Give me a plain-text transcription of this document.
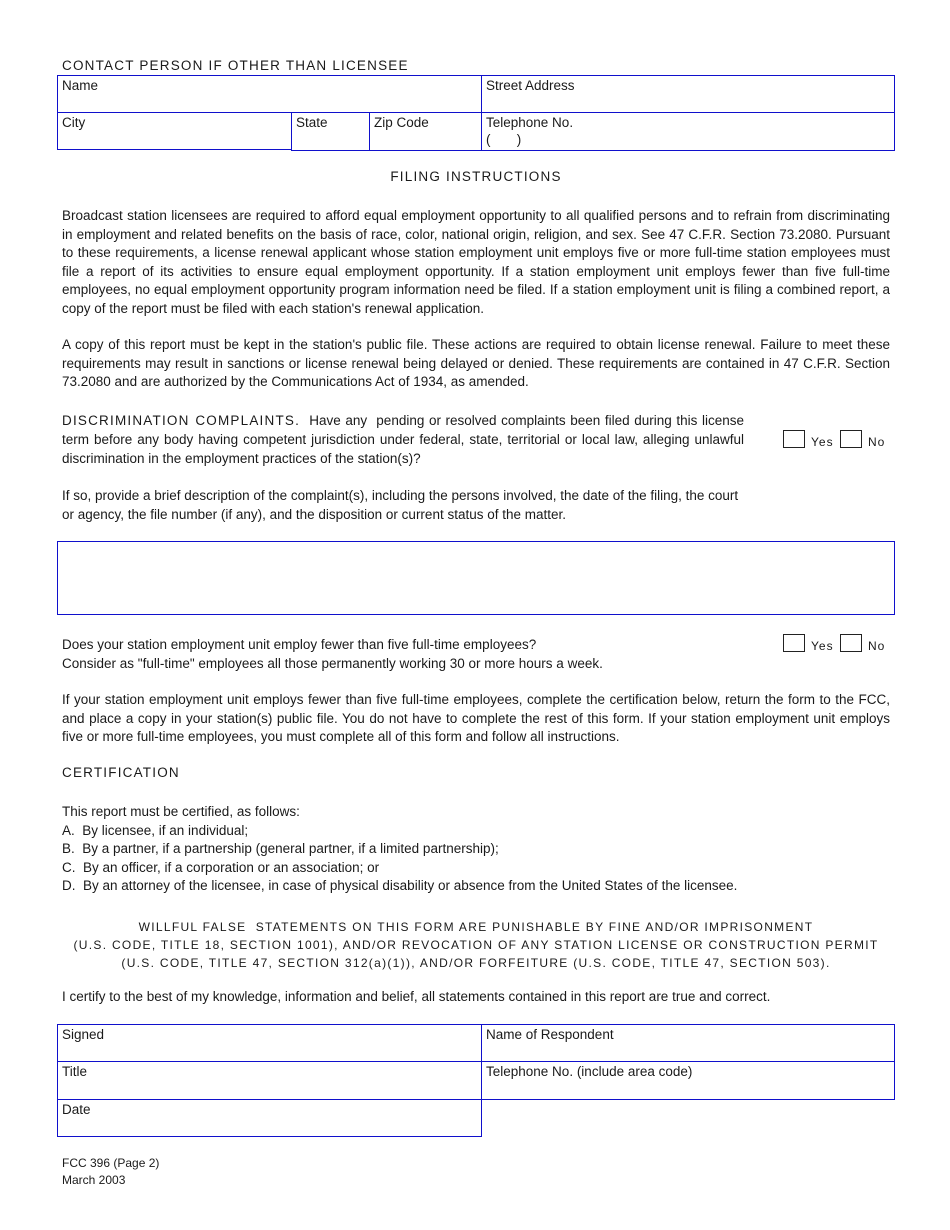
CONTACT PERSON IF OTHER THAN LICENSEE
Name	Street Address
City	State	Zip Code	Telephone No.
(       )
FILING INSTRUCTIONS
Broadcast station licensees are required to afford equal employment opportunity to all qualified persons and to refrain from discriminating in employment and related benefits on the basis of race, color, national origin, religion, and sex. See 47 C.F.R. Section 73.2080. Pursuant to these requirements, a license renewal applicant whose station employment unit employs five or more full-time station employees must file a report of its activities to ensure equal employment opportunity. If a station employment unit employs fewer than five full-time employees, no equal employment opportunity program information need be filed. If a station employment unit is filing a combined report, a copy of the report must be filed with each station's renewal application.
A copy of this report must be kept in the station's public file. These actions are required to obtain license renewal. Failure to meet these requirements may result in sanctions or license renewal being delayed or denied. These requirements are contained in 47 C.F.R. Section 73.2080 and are authorized by the Communications Act of 1934, as amended.
DISCRIMINATION COMPLAINTS.  Have any  pending or resolved complaints been filed during this license term before any body having competent jurisdiction under federal, state, territorial or local law, alleging unlawful discrimination in the employment practices of the station(s)?
Yes	No
If so, provide a brief description of the complaint(s), including the persons involved, the date of the filing, the court or agency, the file number (if any), and the disposition or current status of the matter.
Does your station employment unit employ fewer than five full-time employees?
Consider as "full-time" employees all those permanently working 30 or more hours a week.
Yes	No
If your station employment unit employs fewer than five full-time employees, complete the certification below, return the form to the FCC, and place a copy in your station(s) public file. You do not have to complete the rest of this form. If your station employment unit employs five or more full-time employees, you must complete all of this form and follow all instructions.
CERTIFICATION
This report must be certified, as follows:
A.  By licensee, if an individual;
B.  By a partner, if a partnership (general partner, if a limited partnership);
C.  By an officer, if a corporation or an association; or
D.  By an attorney of the licensee, in case of physical disability or absence from the United States of the licensee.
WILLFUL FALSE  STATEMENTS ON THIS FORM ARE PUNISHABLE BY FINE AND/OR IMPRISONMENT
(U.S. CODE, TITLE 18, SECTION 1001), AND/OR REVOCATION OF ANY STATION LICENSE OR CONSTRUCTION PERMIT
(U.S. CODE, TITLE 47, SECTION 312(a)(1)), AND/OR FORFEITURE (U.S. CODE, TITLE 47, SECTION 503).
I certify to the best of my knowledge, information and belief, all statements contained in this report are true and correct.
Signed	Name of Respondent
Title	Telephone No. (include area code)
Date
FCC 396 (Page 2)
March 2003
